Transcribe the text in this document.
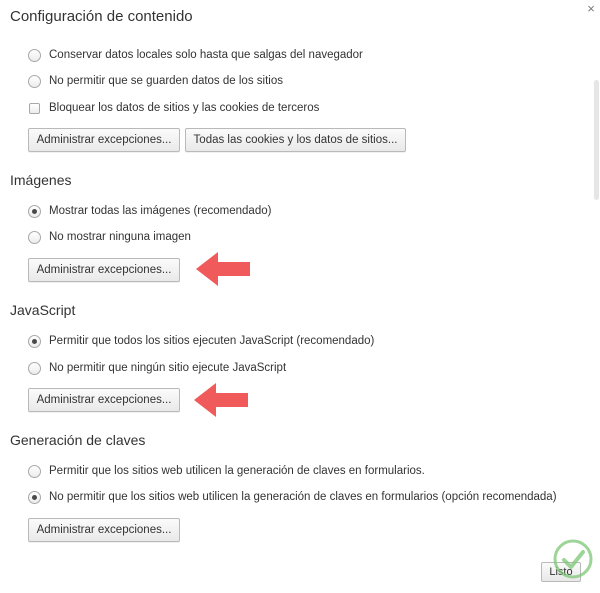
Configuración de contenido	×
Conservar datos locales solo hasta que salgas del navegador
No permitir que se guarden datos de los sitios
Bloquear los datos de sitios y las cookies de terceros
Administrar excepciones...	Todas las cookies y los datos de sitios...
Imágenes
Mostrar todas las imágenes (recomendado)
No mostrar ninguna imagen
Administrar excepciones...
JavaScript
Permitir que todos los sitios ejecuten JavaScript (recomendado)
No permitir que ningún sitio ejecute JavaScript
Administrar excepciones...
Generación de claves
Permitir que los sitios web utilicen la generación de claves en formularios.
No permitir que los sitios web utilicen la generación de claves en formularios (opción recomendada)
Administrar excepciones...
Listo
